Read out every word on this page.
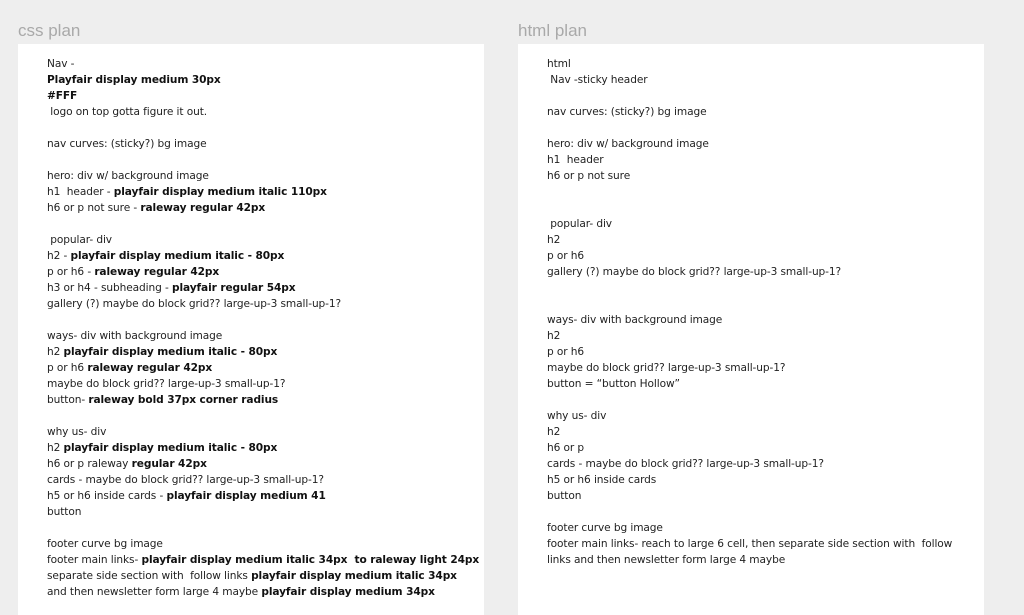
css plan	html plan
Nav -
Playfair display medium 30px
#FFF
logo on top gotta figure it out.
nav curves: (sticky?) bg image
hero: div w/ background image
h1  header - playfair display medium italic 110px
h6 or p not sure - raleway regular 42px
popular- div
h2 - playfair display medium italic - 80px
p or h6 - raleway regular 42px
h3 or h4 - subheading - playfair regular 54px
gallery (?) maybe do block grid?? large-up-3 small-up-1?
ways- div with background image
h2 playfair display medium italic - 80px
p or h6 raleway regular 42px
maybe do block grid?? large-up-3 small-up-1?
button- raleway bold 37px corner radius
why us- div
h2 playfair display medium italic - 80px
h6 or p raleway regular 42px
cards - maybe do block grid?? large-up-3 small-up-1?
h5 or h6 inside cards - playfair display medium 41
button
footer curve bg image
footer main links- playfair display medium italic 34px  to raleway light 24px
separate side section with  follow links playfair display medium italic 34px
and then newsletter form large 4 maybe playfair display medium 34px
html
Nav -sticky header
nav curves: (sticky?) bg image
hero: div w/ background image
h1  header
h6 or p not sure
popular- div
h2
p or h6
gallery (?) maybe do block grid?? large-up-3 small-up-1?
ways- div with background image
h2
p or h6
maybe do block grid?? large-up-3 small-up-1?
button = “button Hollow”
why us- div
h2
h6 or p
cards - maybe do block grid?? large-up-3 small-up-1?
h5 or h6 inside cards
button
footer curve bg image
footer main links- reach to large 6 cell, then separate side section with  follow
links and then newsletter form large 4 maybe
